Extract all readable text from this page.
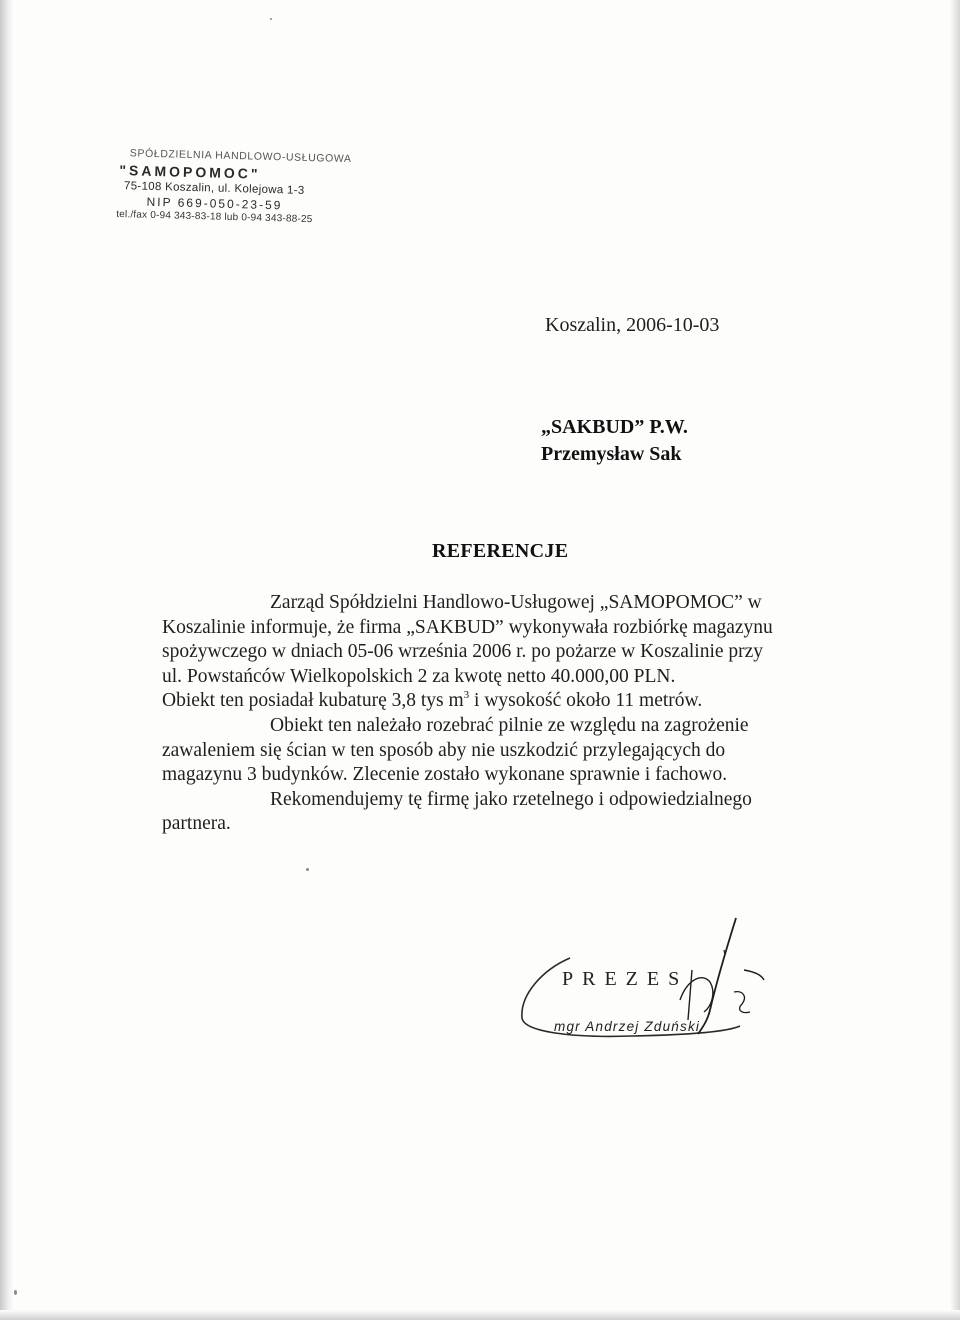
SPÓŁDZIELNIA HANDLOWO-USŁUGOWA
"SAMOPOMOC"
75-108 Koszalin, ul. Kolejowa 1-3
NIP 669-050-23-59
tel./fax 0-94 343-83-18 lub 0-94 343-88-25
Koszalin, 2006-10-03
„SAKBUD” P.W.
Przemysław Sak
REFERENCJE

Zarząd Spółdzielni Handlowo-Usługowej „SAMOPOMOC” w

Koszalinie informuje, że firma „SAKBUD” wykonywała rozbiórkę magazynu

spożywczego w dniach 05-06 września 2006 r. po pożarze w Koszalinie przy

ul. Powstańców Wielkopolskich 2 za kwotę netto 40.000,00 PLN.

Obiekt ten posiadał kubaturę 3,8 tys $m^3$ i wysokość około 11 metrów.

Obiekt ten należało rozebrać pilnie ze względu na zagrożenie

zawaleniem się ścian w ten sposób aby nie uszkodzić przylegających do

magazynu 3 budynków. Zlecenie zostało wykonane sprawnie i fachowo.

Rekomendujemy tę firmę jako rzetelnego i odpowiedzialnego

partnera.

PREZES
mgr Andrzej Zduński
